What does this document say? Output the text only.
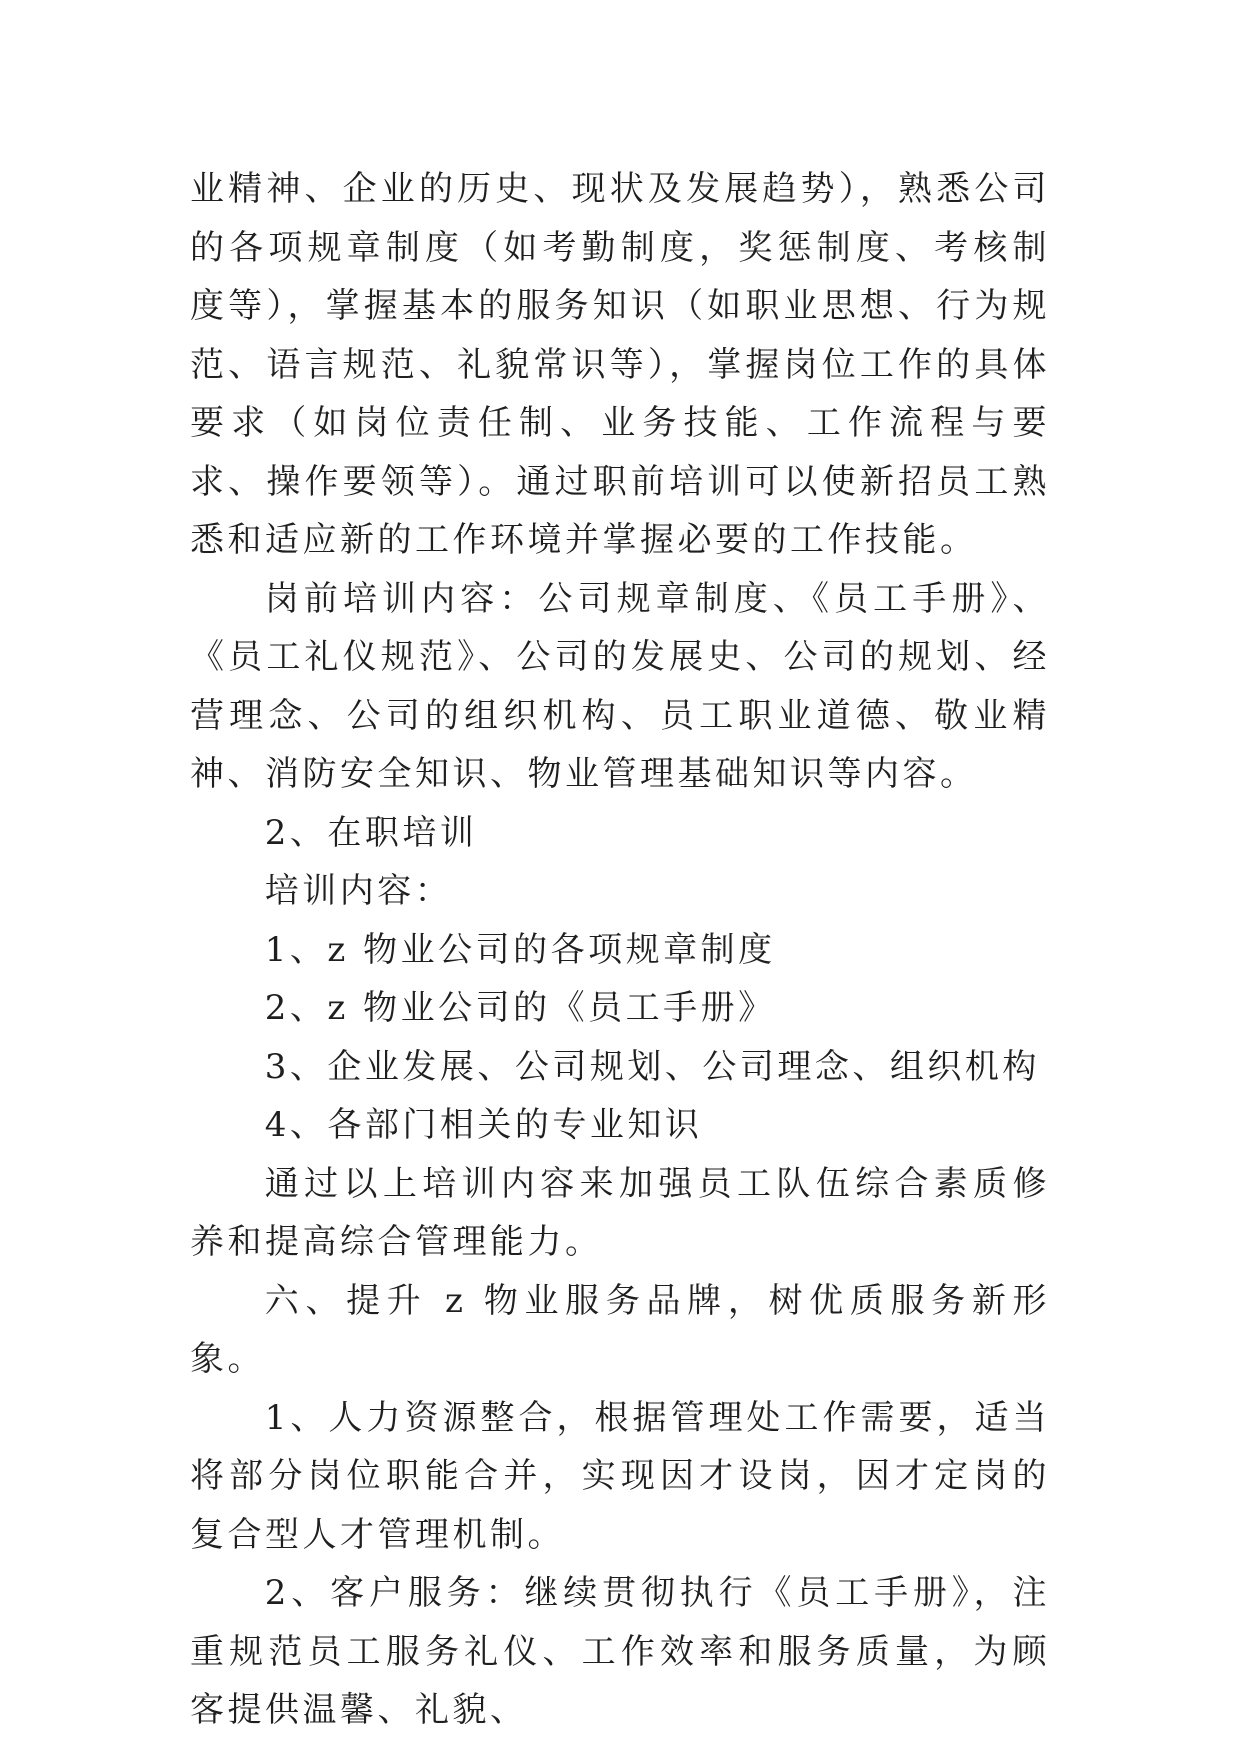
业精神、企业的历史、现状及发展趋势），熟悉公司的各项规章制度（如考勤制度，奖惩制度、考核制度等），掌握基本的服务知识（如职业思想、行为规范、语言规范、礼貌常识等），掌握岗位工作的具体要求（如岗位责任制、业务技能、工作流程与要求、操作要领等）。通过职前培训可以使新招员工熟悉和适应新的工作环境并掌握必要的工作技能。

岗前培训内容：公司规章制度、《员工手册》、《员工礼仪规范》、公司的发展史、公司的规划、经营理念、公司的组织机构、员工职业道德、敬业精神、消防安全知识、物业管理基础知识等内容。

2、在职培训

培训内容：

1、z 物业公司的各项规章制度

2、z 物业公司的《员工手册》

3、企业发展、公司规划、公司理念、组织机构

4、各部门相关的专业知识

通过以上培训内容来加强员工队伍综合素质修养和提高综合管理能力。

六、提升 z 物业服务品牌，树优质服务新形象。

1、人力资源整合，根据管理处工作需要，适当将部分岗位职能合并，实现因才设岗，因才定岗的复合型人才管理机制。

2、客户服务：继续贯彻执行《员工手册》，注重规范员工服务礼仪、工作效率和服务质量，为顾客提供温馨、礼貌、
